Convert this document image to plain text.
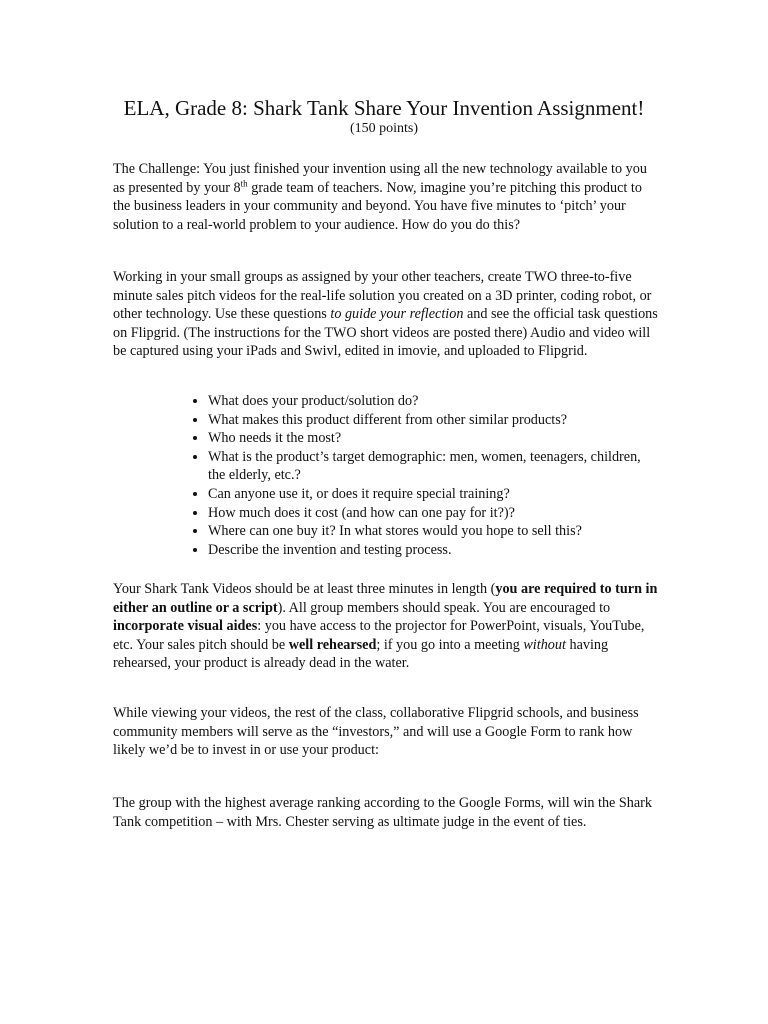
ELA, Grade 8: Shark Tank Share Your Invention Assignment!
(150 points)
The Challenge: You just finished your invention using all the new technology available to you as presented by your 8th grade team of teachers. Now, imagine you’re pitching this product to the business leaders in your community and beyond. You have five minutes to ‘pitch’ your solution to a real-world problem to your audience. How do you do this?
Working in your small groups as assigned by your other teachers, create TWO three-to-five minute sales pitch videos for the real-life solution you created on a 3D printer, coding robot, or other technology. Use these questions to guide your reflection and see the official task questions on Flipgrid. (The instructions for the TWO short videos are posted there) Audio and video will be captured using your iPads and Swivl, edited in imovie, and uploaded to Flipgrid.
• What does your product/solution do?
• What makes this product different from other similar products?
• Who needs it the most?
• What is the product’s target demographic: men, women, teenagers, children, the elderly, etc.?
• Can anyone use it, or does it require special training?
• How much does it cost (and how can one pay for it?)?
• Where can one buy it? In what stores would you hope to sell this?
• Describe the invention and testing process.
Your Shark Tank Videos should be at least three minutes in length (you are required to turn in either an outline or a script). All group members should speak. You are encouraged to incorporate visual aides: you have access to the projector for PowerPoint, visuals, YouTube, etc. Your sales pitch should be well rehearsed; if you go into a meeting without having rehearsed, your product is already dead in the water.
While viewing your videos, the rest of the class, collaborative Flipgrid schools, and business community members will serve as the “investors,” and will use a Google Form to rank how likely we’d be to invest in or use your product:
The group with the highest average ranking according to the Google Forms, will win the Shark Tank competition – with Mrs. Chester serving as ultimate judge in the event of ties.
